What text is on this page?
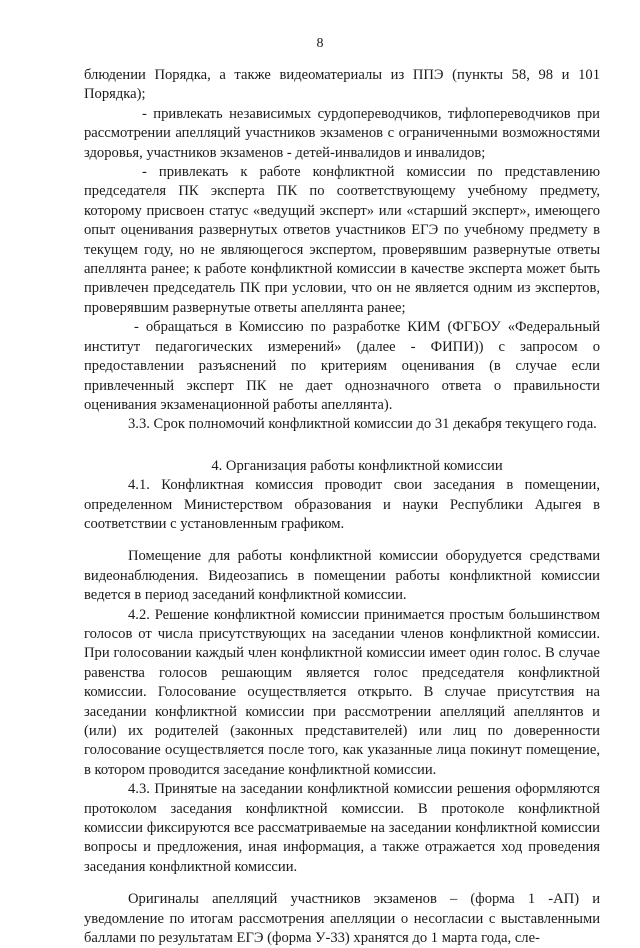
8

блюдении Порядка, а также видеоматериалы из ППЭ (пункты 58, 98 и 101 Порядка);

- привлекать независимых сурдопереводчиков, тифлопереводчиков при рассмотрении апелляций участников экзаменов с ограниченными возможностями здоровья, участников экзаменов - детей-инвалидов и инвалидов;

- привлекать к работе конфликтной комиссии по представлению председателя ПК эксперта ПК по соответствующему учебному предмету, которому присвоен статус «ведущий эксперт» или «старший эксперт», имеющего опыт оценивания развернутых ответов участников ЕГЭ по учебному предмету в текущем году, но не являющегося экспертом, проверявшим развернутые ответы апеллянта ранее; к работе конфликтной комиссии в качестве эксперта может быть привлечен председатель ПК при условии, что он не является одним из экспертов, проверявшим развернутые ответы апеллянта ранее;

- обращаться в Комиссию по разработке КИМ (ФГБОУ «Федеральный институт педагогических измерений» (далее - ФИПИ)) с запросом о предоставлении разъяснений по критериям оценивания (в случае если привлеченный эксперт ПК не дает однозначного ответа о правильности оценивания экзаменационной работы апеллянта).

3.3. Срок полномочий конфликтной комиссии до 31 декабря текущего года.

4. Организация работы конфликтной комиссии

4.1. Конфликтная комиссия проводит свои заседания в помещении, определенном Министерством образования и науки Республики Адыгея в соответствии с установленным графиком.

Помещение для работы конфликтной комиссии оборудуется средствами видеонаблюдения. Видеозапись в помещении работы конфликтной комиссии ведется в период заседаний конфликтной комиссии.

4.2. Решение конфликтной комиссии принимается простым большинством голосов от числа присутствующих на заседании членов конфликтной комиссии. При голосовании каждый член конфликтной комиссии имеет один голос. В случае равенства голосов решающим является голос председателя конфликтной комиссии. Голосование осуществляется открыто. В случае присутствия на заседании конфликтной комиссии при рассмотрении апелляций апеллянтов и (или) их родителей (законных представителей) или лиц по доверенности голосование осуществляется после того, как указанные лица покинут помещение, в котором проводится заседание конфликтной комиссии.

4.3. Принятые на заседании конфликтной комиссии решения оформляются протоколом заседания конфликтной комиссии. В протоколе конфликтной комиссии фиксируются все рассматриваемые на заседании конфликтной комиссии вопросы и предложения, иная информация, а также отражается ход проведения заседания конфликтной комиссии.

Оригиналы апелляций участников экзаменов – (форма 1 -АП) и уведомление по итогам рассмотрения апелляции о несогласии с выставленными баллами по результатам ЕГЭ (форма У-33) хранятся до 1 марта года, сле-
